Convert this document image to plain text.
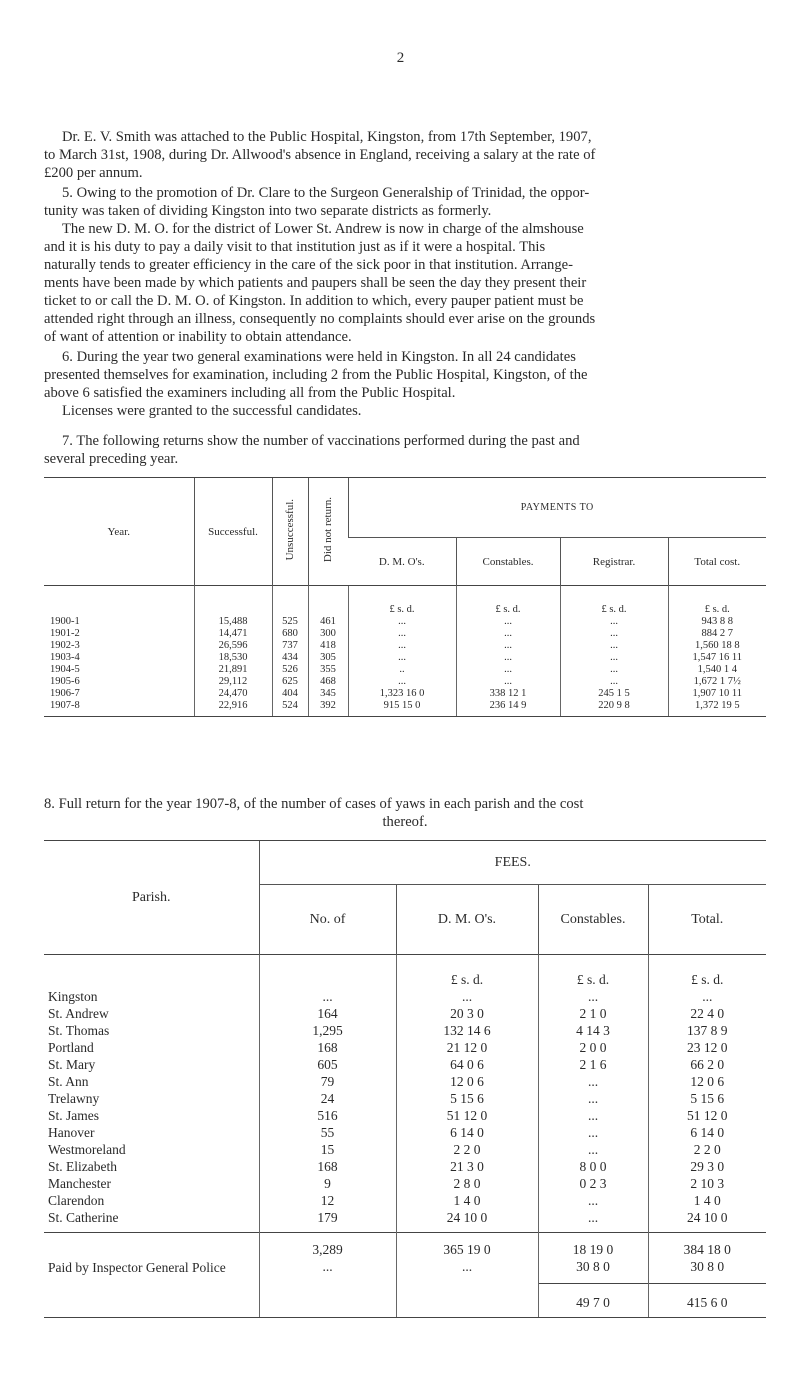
2
Dr. E. V. Smith was attached to the Public Hospital, Kingston, from 17th September, 1907,
to March 31st, 1908, during Dr. Allwood's absence in England, receiving a salary at the rate of
£200 per annum.
5. Owing to the promotion of Dr. Clare to the Surgeon Generalship of Trinidad, the oppor-
tunity was taken of dividing Kingston into two separate districts as formerly.
The new D. M. O. for the district of Lower St. Andrew is now in charge of the almshouse
and it is his duty to pay a daily visit to that institution just as if it were a hospital. This
naturally tends to greater efficiency in the care of the sick poor in that institution. Arrange-
ments have been made by which patients and paupers shall be seen the day they present their
ticket to or call the D. M. O. of Kingston. In addition to which, every pauper patient must be
attended right through an illness, consequently no complaints should ever arise on the grounds
of want of attention or inability to obtain attendance.
6. During the year two general examinations were held in Kingston. In all 24 candidates
presented themselves for examination, including 2 from the Public Hospital, Kingston, of the
above 6 satisfied the examiners including all from the Public Hospital.
Licenses were granted to the successful candidates.
7. The following returns show the number of vaccinations performed during the past and
several preceding year.
Year.	Successful.	Unsuccessful.	Did not return.	PAYMENTS TO			
				D. M. O's.	Constables.	Registrar.	Total cost.
				£ s. d.	£ s. d.	£ s. d.	£ s. d.
1900-1	15,488	525	461	...	...	...	943 8 8
1901-2	14,471	680	300	...	...	...	884 2 7
1902-3	26,596	737	418	...	...	...	1,560 18 8
1903-4	18,530	434	305	...	...	...	1,547 16 11
1904-5	21,891	526	355	..	...	...	1,540 1 4
1905-6	29,112	625	468	...	...	...	1,672 1 7½
1906-7	24,470	404	345	1,323 16 0	338 12 1	245 1 5	1,907 10 11
1907-8	22,916	524	392	915 15 0	236 14 9	220 9 8	1,372 19 5
8. Full return for the year 1907-8, of the number of cases of yaws in each parish and the cost
thereof.
Parish.	FEES.			
	No. of	D. M. O's.	Constables.	Total.
		£ s. d.	£ s. d.	£ s. d.
Kingston	...	...	...	...
St. Andrew	164	20 3 0	2 1 0	22 4 0
St. Thomas	1,295	132 14 6	4 14 3	137 8 9
Portland	168	21 12 0	2 0 0	23 12 0
St. Mary	605	64 0 6	2 1 6	66 2 0
St. Ann	79	12 0 6	...	12 0 6
Trelawny	24	5 15 6	...	5 15 6
St. James	516	51 12 0	...	51 12 0
Hanover	55	6 14 0	...	6 14 0
Westmoreland	15	2 2 0	...	2 2 0
St. Elizabeth	168	21 3 0	8 0 0	29 3 0
Manchester	9	2 8 0	0 2 3	2 10 3
Clarendon	12	1 4 0	...	1 4 0
St. Catherine	179	24 10 0	...	24 10 0

Paid by Inspector General Police	3,289	365 19 0	18 19 0	384 18 0
	...	...	30 8 0	30 8 0
			49 7 0	415 6 0
